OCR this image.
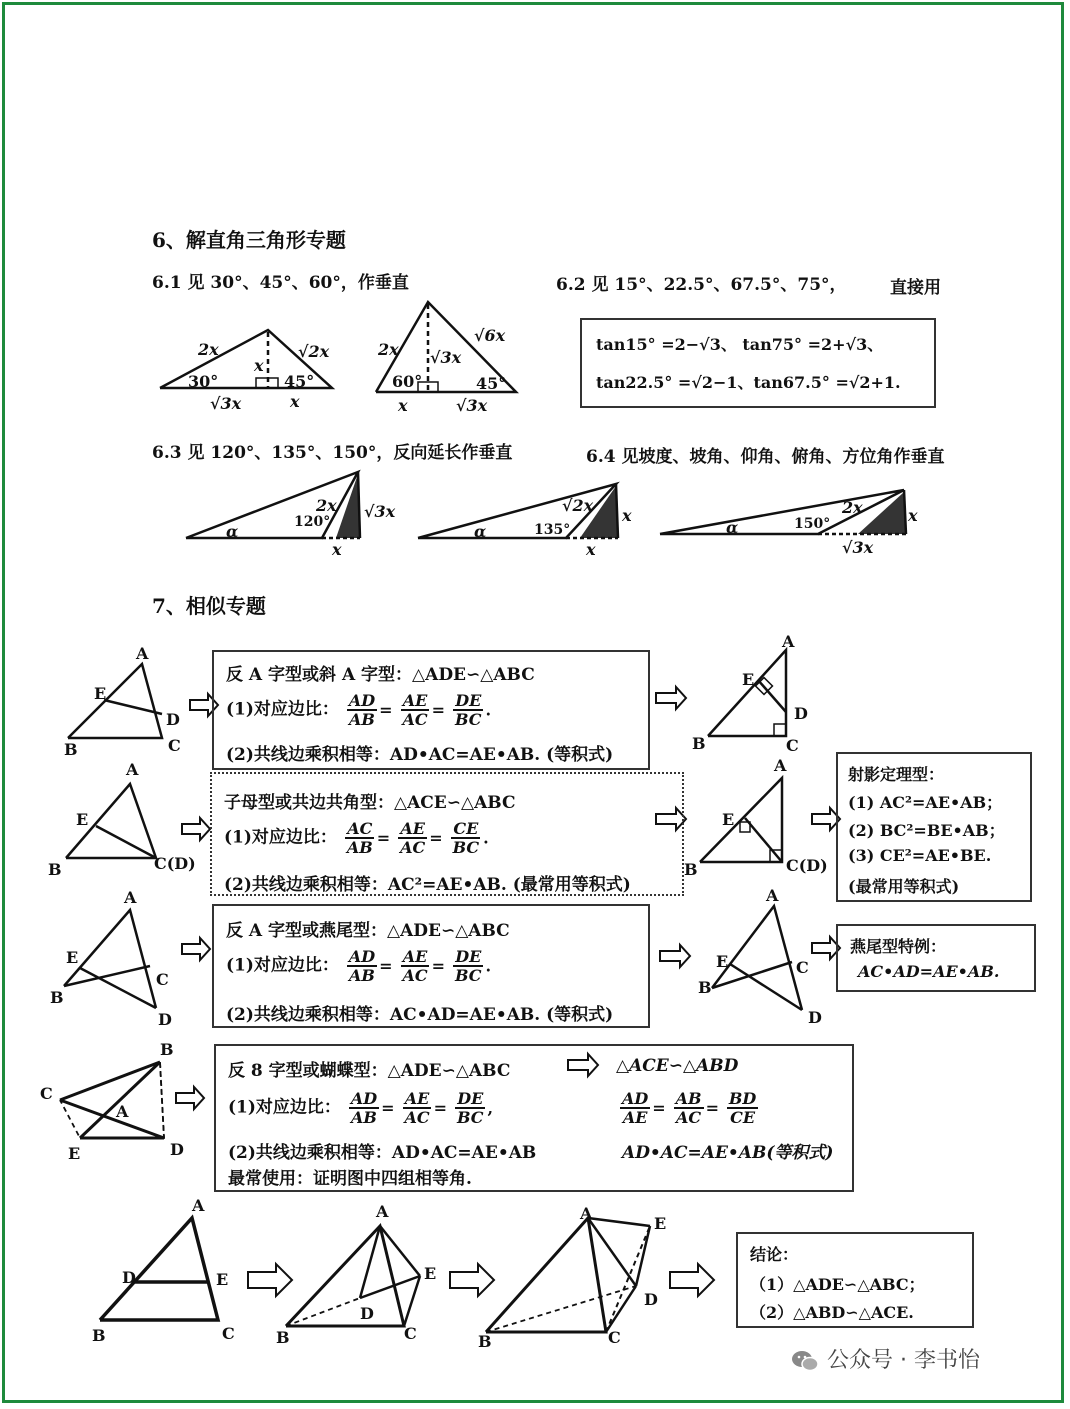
6、解直角三角形专题
6.1 见 30°、45°、60°，作垂直	6.2 见 15°、22.5°、67.5°、75°，	直接用
2x
x
√2x
30°	45°
√3x	x
2x √3x
√6x
60°	45°
x	√3x
tan15° =2−√3、 tan75° =2+√3、
tan22.5° =√2−1、tan67.5° =√2+1.
6.3 见 120°、135°、150°，反向延长作垂直	6.4 见坡度、坡角、仰角、俯角、方位角作垂直
α	120°
2x √3x
x
α	135°
√2x
x
x
α	150°
2x	x
√3x
7、相似专题
A
E
D
B	C
反 A 字型或斜 A 字型：△ADE∽△ABC
(1)对应边比： $\frac{AD}{AB} = \frac{AE}{AC} = \frac{DE}{BC}$ .
(2)共线边乘积相等：AD•AC=AE•AB. (等积式)
A
E
D
B	C
A
E
B	C(D)
子母型或共边共角型：△ACE∽△ABC
(1)对应边比： $\frac{AC}{AB} = \frac{AE}{AC} = \frac{CE}{BC}$ .
(2)共线边乘积相等：AC²=AE•AB. (最常用等积式)
A
E
B	C(D)
射影定理型：
(1) AC²=AE•AB；
(2) BC²=BE•AB；
(3) CE²=AE•BE.
(最常用等积式)
A
E
C
B
D
反 A 字型或燕尾型：△ADE∽△ABC
(1)对应边比： $\frac{AD}{AB} = \frac{AE}{AC} = \frac{DE}{BC}$ .
(2)共线边乘积相等：AC•AD=AE•AB. (等积式)
A
E	C
B
D
燕尾型特例：
AC•AD=AE•AB.
B
C
A
E	D
反 8 字型或蝴蝶型：△ADE∽△ABC	△ACE∽△ABD
(1)对应边比： $\frac{AD}{AB} = \frac{AE}{AC} = \frac{DE}{BC}$ ,	$\frac{AD}{AE} = \frac{AB}{AC} = \frac{BD}{CE}$
(2)共线边乘积相等：AD•AC=AE•AB	AD•AC=AE•AB(等积式)
最常使用：证明图中四组相等角.
A
D	E
B	C
A
E
D
B	C
A
E
D
B	C
结论：
（1）△ADE∽△ABC；
（2）△ABD∽△ACE.
公众号 · 李书怡
